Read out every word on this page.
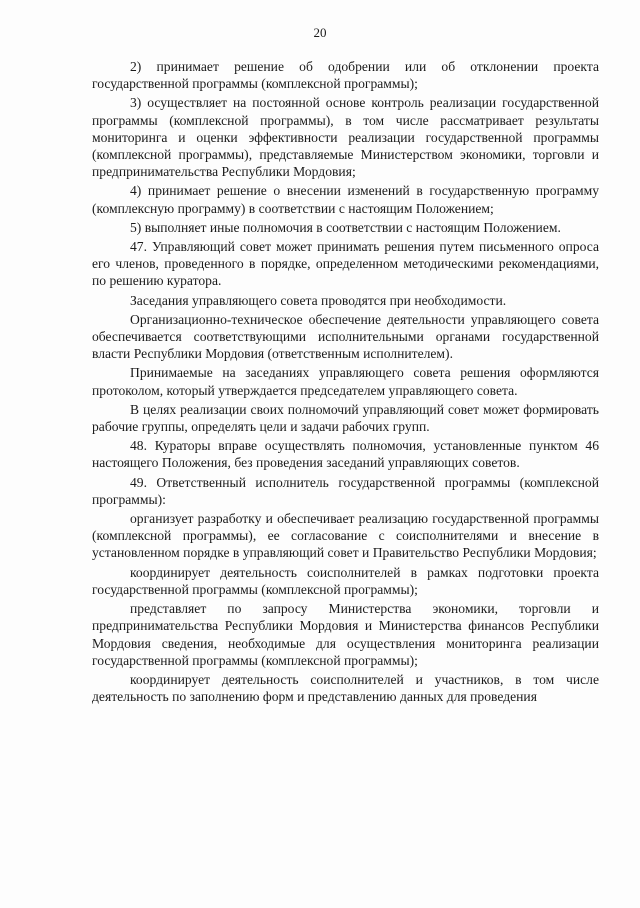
20

2) принимает решение об одобрении или об отклонении проекта государственной программы (комплексной программы);

3) осуществляет на постоянной основе контроль реализации государственной программы (комплексной программы), в том числе рассматривает результаты мониторинга и оценки эффективности реализации государственной программы (комплексной программы), представляемые Министерством экономики, торговли и предпринимательства Республики Мордовия;

4) принимает решение о внесении изменений в государственную программу (комплексную программу) в соответствии с настоящим Положением;

5) выполняет иные полномочия в соответствии с настоящим Положением.

47. Управляющий совет может принимать решения путем письменного опроса его членов, проведенного в порядке, определенном методическими рекомендациями, по решению куратора.

Заседания управляющего совета проводятся при необходимости.

Организационно-техническое обеспечение деятельности управляющего совета обеспечивается соответствующими исполнительными органами государственной власти Республики Мордовия (ответственным исполнителем).

Принимаемые на заседаниях управляющего совета решения оформляются протоколом, который утверждается председателем управляющего совета.

В целях реализации своих полномочий управляющий совет может формировать рабочие группы, определять цели и задачи рабочих групп.

48. Кураторы вправе осуществлять полномочия, установленные пунктом 46 настоящего Положения, без проведения заседаний управляющих советов.

49. Ответственный исполнитель государственной программы (комплексной программы):

организует разработку и обеспечивает реализацию государственной программы (комплексной программы), ее согласование с соисполнителями и внесение в установленном порядке в управляющий совет и Правительство Республики Мордовия;

координирует деятельность соисполнителей в рамках подготовки проекта государственной программы (комплексной программы);

представляет по запросу Министерства экономики, торговли и предпринимательства Республики Мордовия и Министерства финансов Республики Мордовия сведения, необходимые для осуществления мониторинга реализации государственной программы (комплексной программы);

координирует деятельность соисполнителей и участников, в том числе деятельность по заполнению форм и представлению данных для проведения
